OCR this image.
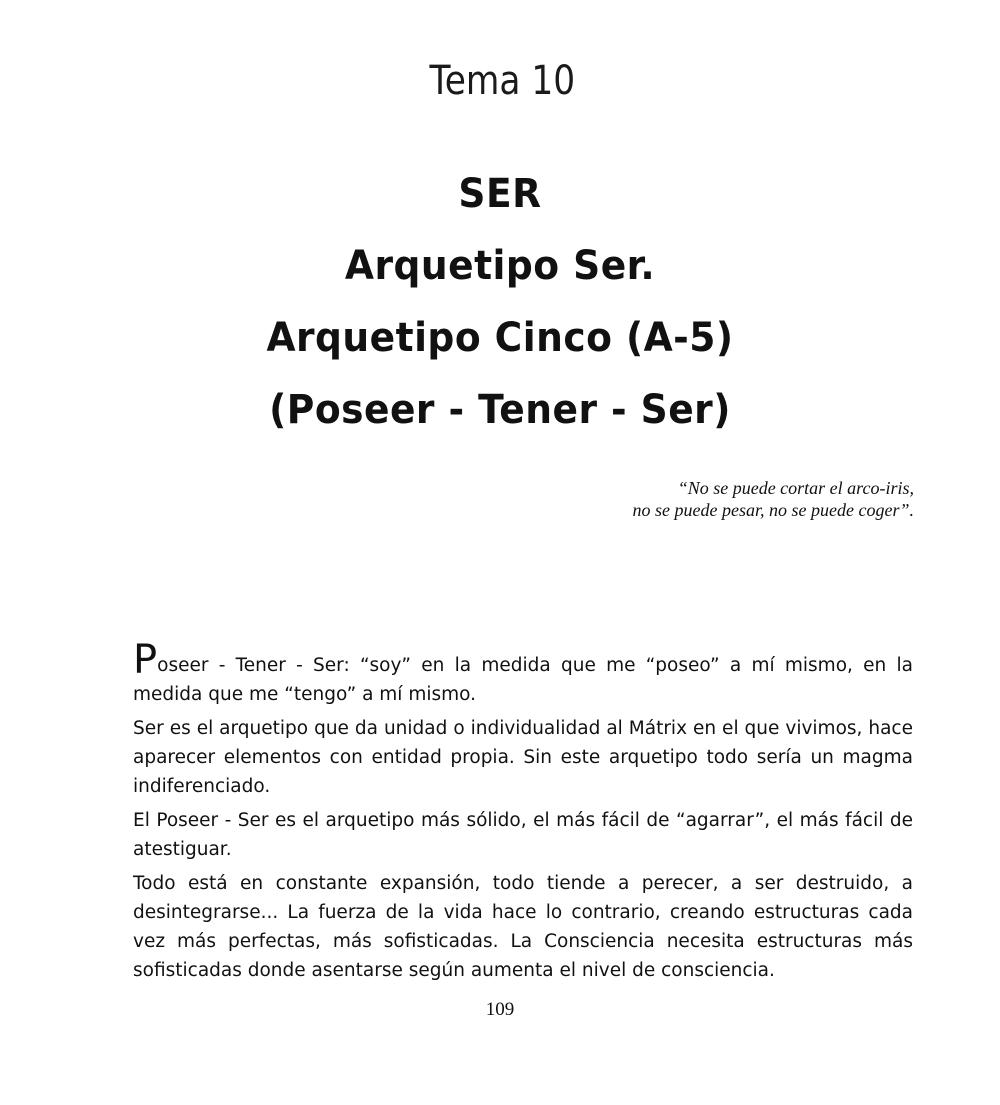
Tema 10
SER
Arquetipo Ser.
Arquetipo Cinco (A-5)
(Poseer - Tener - Ser)
“No se puede cortar el arco-iris,
no se puede pesar, no se puede coger”.

Poseer - Tener - Ser: “soy” en la medida que me “poseo” a mí mismo, en la medida que me “tengo” a mí mismo.

Ser es el arquetipo que da unidad o individualidad al Mátrix en el que vivimos, hace aparecer elementos con entidad propia. Sin este arquetipo todo sería un magma indiferenciado.

El Poseer - Ser es el arquetipo más sólido, el más fácil de “agarrar”, el más fácil de atestiguar.

Todo está en constante expansión, todo tiende a perecer, a ser destruido, a desintegrarse... La fuerza de la vida hace lo contrario, creando estructuras cada vez más perfectas, más sofisticadas. La Consciencia necesita estructuras más sofisticadas donde asentarse según aumenta el nivel de consciencia.

109
